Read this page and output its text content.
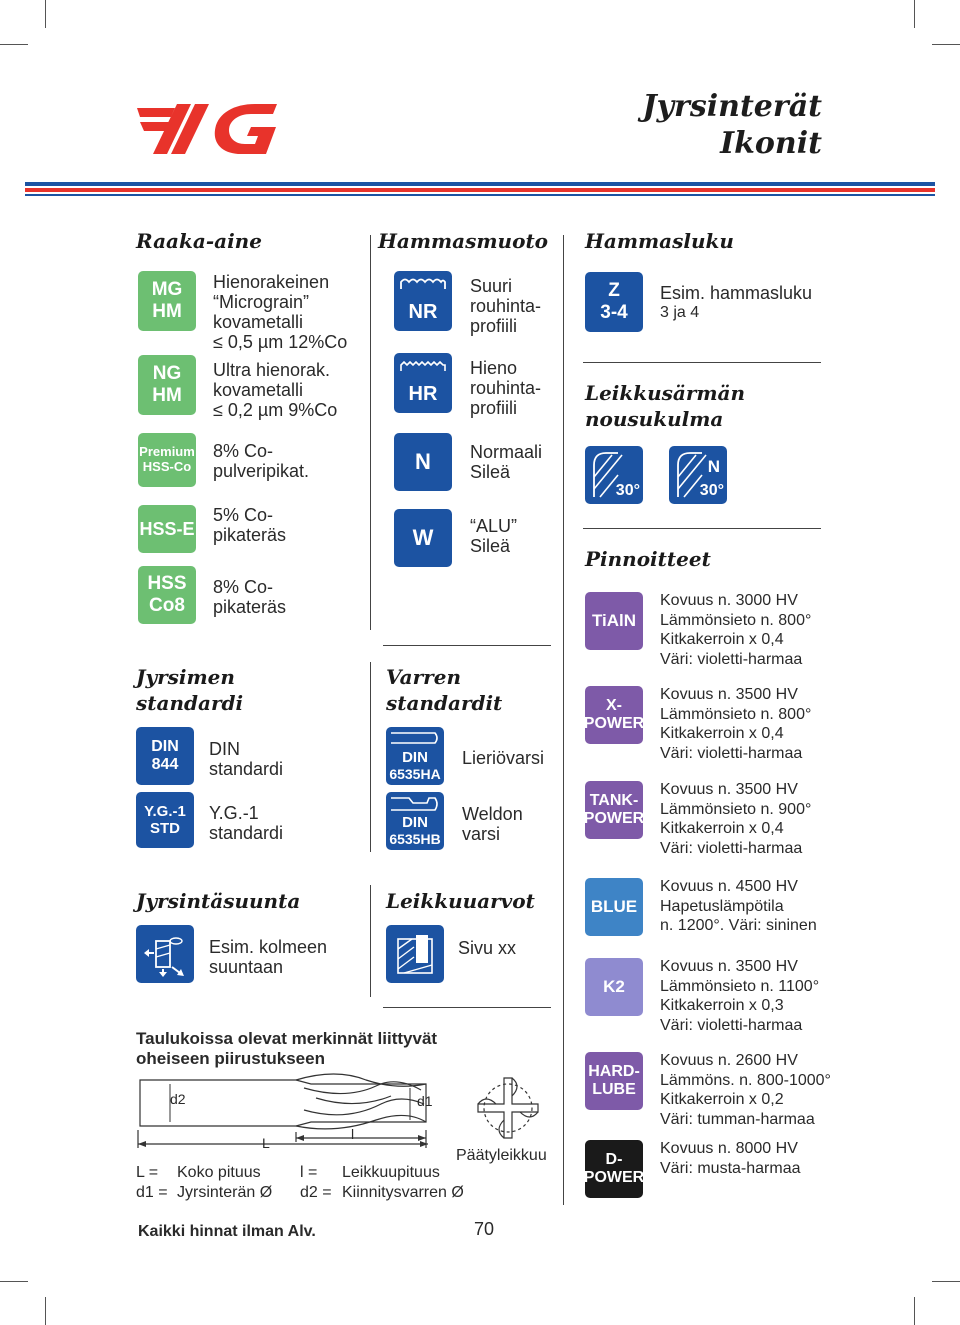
Jyrsinterät
Ikonit
Raaka-aine
MG
HM
Hienorakeinen
“Micrograin”
kovametalli
≤ 0,5 µm 12%Co
NG
HM
Ultra hienorak.
kovametalli
≤ 0,2 µm 9%Co
Premium
HSS-Co
8% Co-
pulveripikat.
HSS-E
5% Co-
pikateräs
HSS
Co8
8% Co-
pikateräs
Hammasmuoto
NR
Suuri
rouhinta-
profiili
HR
Hieno
rouhinta-
profiili
N Normaali
Sileä
W “ALU”
Sileä
Hammasluku
Z
3-4
Esim. hammasluku
3 ja 4
Leikkusärmän
nousukulma
30°
N
30°
Pinnoitteet
TiAlN
Kovuus n. 3000 HV
Lämmönsieto n. 800°
Kitkakerroin x 0,4
Väri: violetti-harmaa
X-
POWER
Kovuus n. 3500 HV
Lämmönsieto n. 800°
Kitkakerroin x 0,4
Väri: violetti-harmaa
TANK-
POWER
Kovuus n. 3500 HV
Lämmönsieto n. 900°
Kitkakerroin x 0,4
Väri: violetti-harmaa
BLUE
Kovuus n. 4500 HV
Hapetuslämpötila
n. 1200°. Väri: sininen
K2
Kovuus n. 3500 HV
Lämmönsieto n. 1100°
Kitkakerroin x 0,3
Väri: violetti-harmaa
HARD-
LUBE
Kovuus n. 2600 HV
Lämmöns. n. 800-1000°
Kitkakerroin x 0,2
Väri: tumman-harmaa
D-
POWER
Kovuus n. 8000 HV
Väri: musta-harmaa
Jyrsimen
standardi
DIN
844
DIN
standardi
Y.G.-1
STD
Y.G.-1
standardi
Varren
standardit
DIN
6535HA
Lieriövarsi
DIN
6535HB
Weldon
varsi
Jyrsintäsuunta
Esim. kolmeen
suuntaan
Leikkuuarvot
Sivu xx
Taulukoissa olevat merkinnät liittyvät
oheiseen piirustukseen
d2	d1
L
l
Päätyleikkuu
L = Koko pituus l = Leikkuupituus
d1 = Jyrsinterän Ø d2 = Kiinnitysvarren Ø
Kaikki hinnat ilman Alv.	70
